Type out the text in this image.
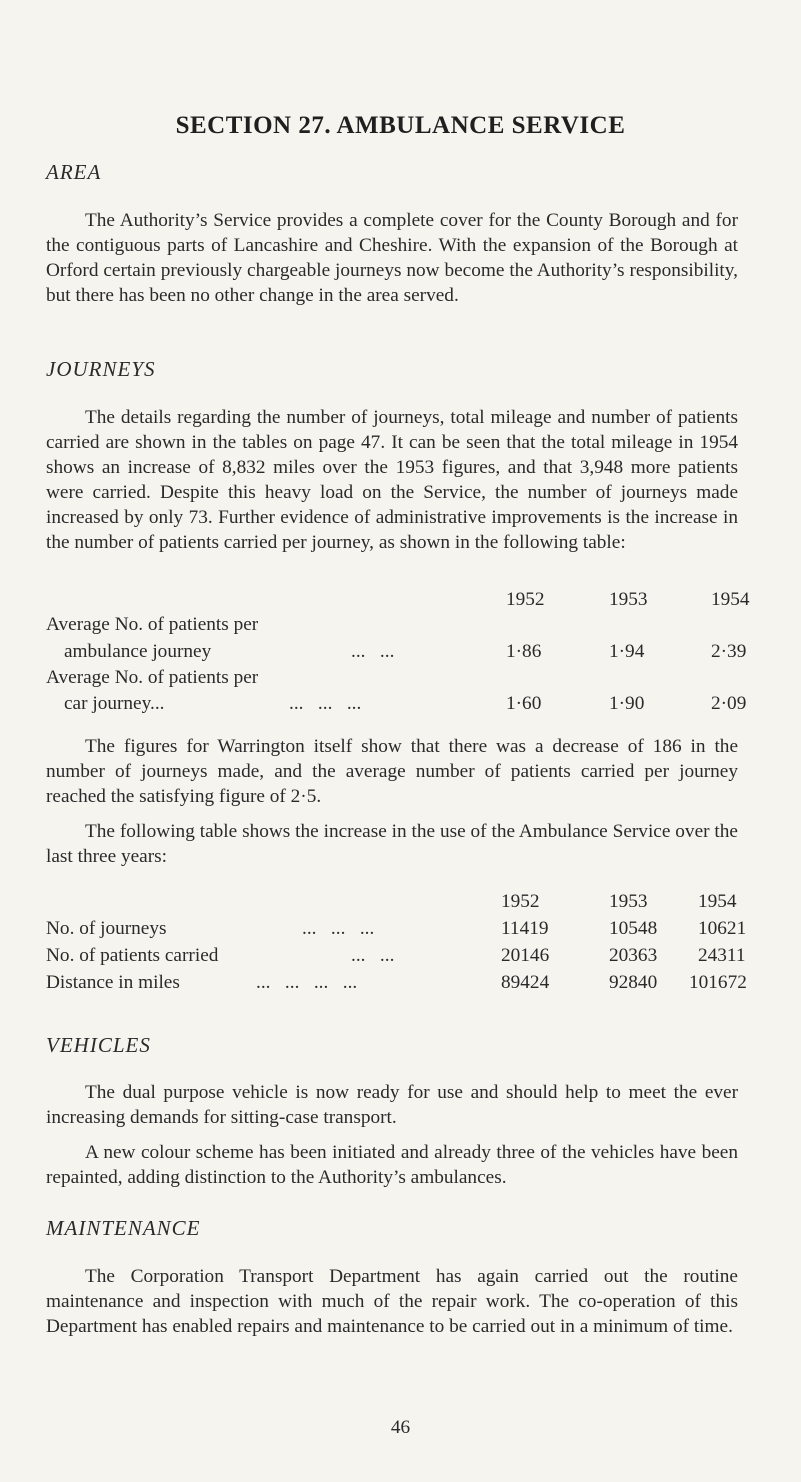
SECTION 27. AMBULANCE SERVICE
AREA
The Authority’s Service provides a complete cover for the County Borough and for the contiguous parts of Lancashire and Cheshire. With the expansion of the Borough at Orford certain previously chargeable journeys now become the Authority’s responsibility, but there has been no other change in the area served.
JOURNEYS
The details regarding the number of journeys, total mileage and number of patients carried are shown in the tables on page 47. It can be seen that the total mileage in 1954 shows an increase of 8,832 miles over the 1953 figures, and that 3,948 more patients were carried. Despite this heavy load on the Service, the number of journeys made increased by only 73. Further evidence of administrative improvements is the increase in the number of patients carried per journey, as shown in the following table:
1952	1953	1954
Average No. of patients per
ambulance journey	...   ...	1·86	1·94	2·39
Average No. of patients per
car journey...	...   ...   ...	1·60	1·90	2·09
The figures for Warrington itself show that there was a decrease of 186 in the number of journeys made, and the average number of patients carried per journey reached the satisfying figure of 2·5.
The following table shows the increase in the use of the Ambulance Service over the last three years:
1952	1953	1954
No. of journeys	...   ...   ...	11419	10548 10621
No. of patients carried	...   ...	20146	20363 24311
Distance in miles	...   ...   ...   ...	89424	92840 101672
VEHICLES
The dual purpose vehicle is now ready for use and should help to meet the ever increasing demands for sitting-case transport.
A new colour scheme has been initiated and already three of the vehicles have been repainted, adding distinction to the Authority’s ambulances.
MAINTENANCE
The Corporation Transport Department has again carried out the routine maintenance and inspection with much of the repair work. The co-operation of this Department has enabled repairs and maintenance to be carried out in a minimum of time.
46
